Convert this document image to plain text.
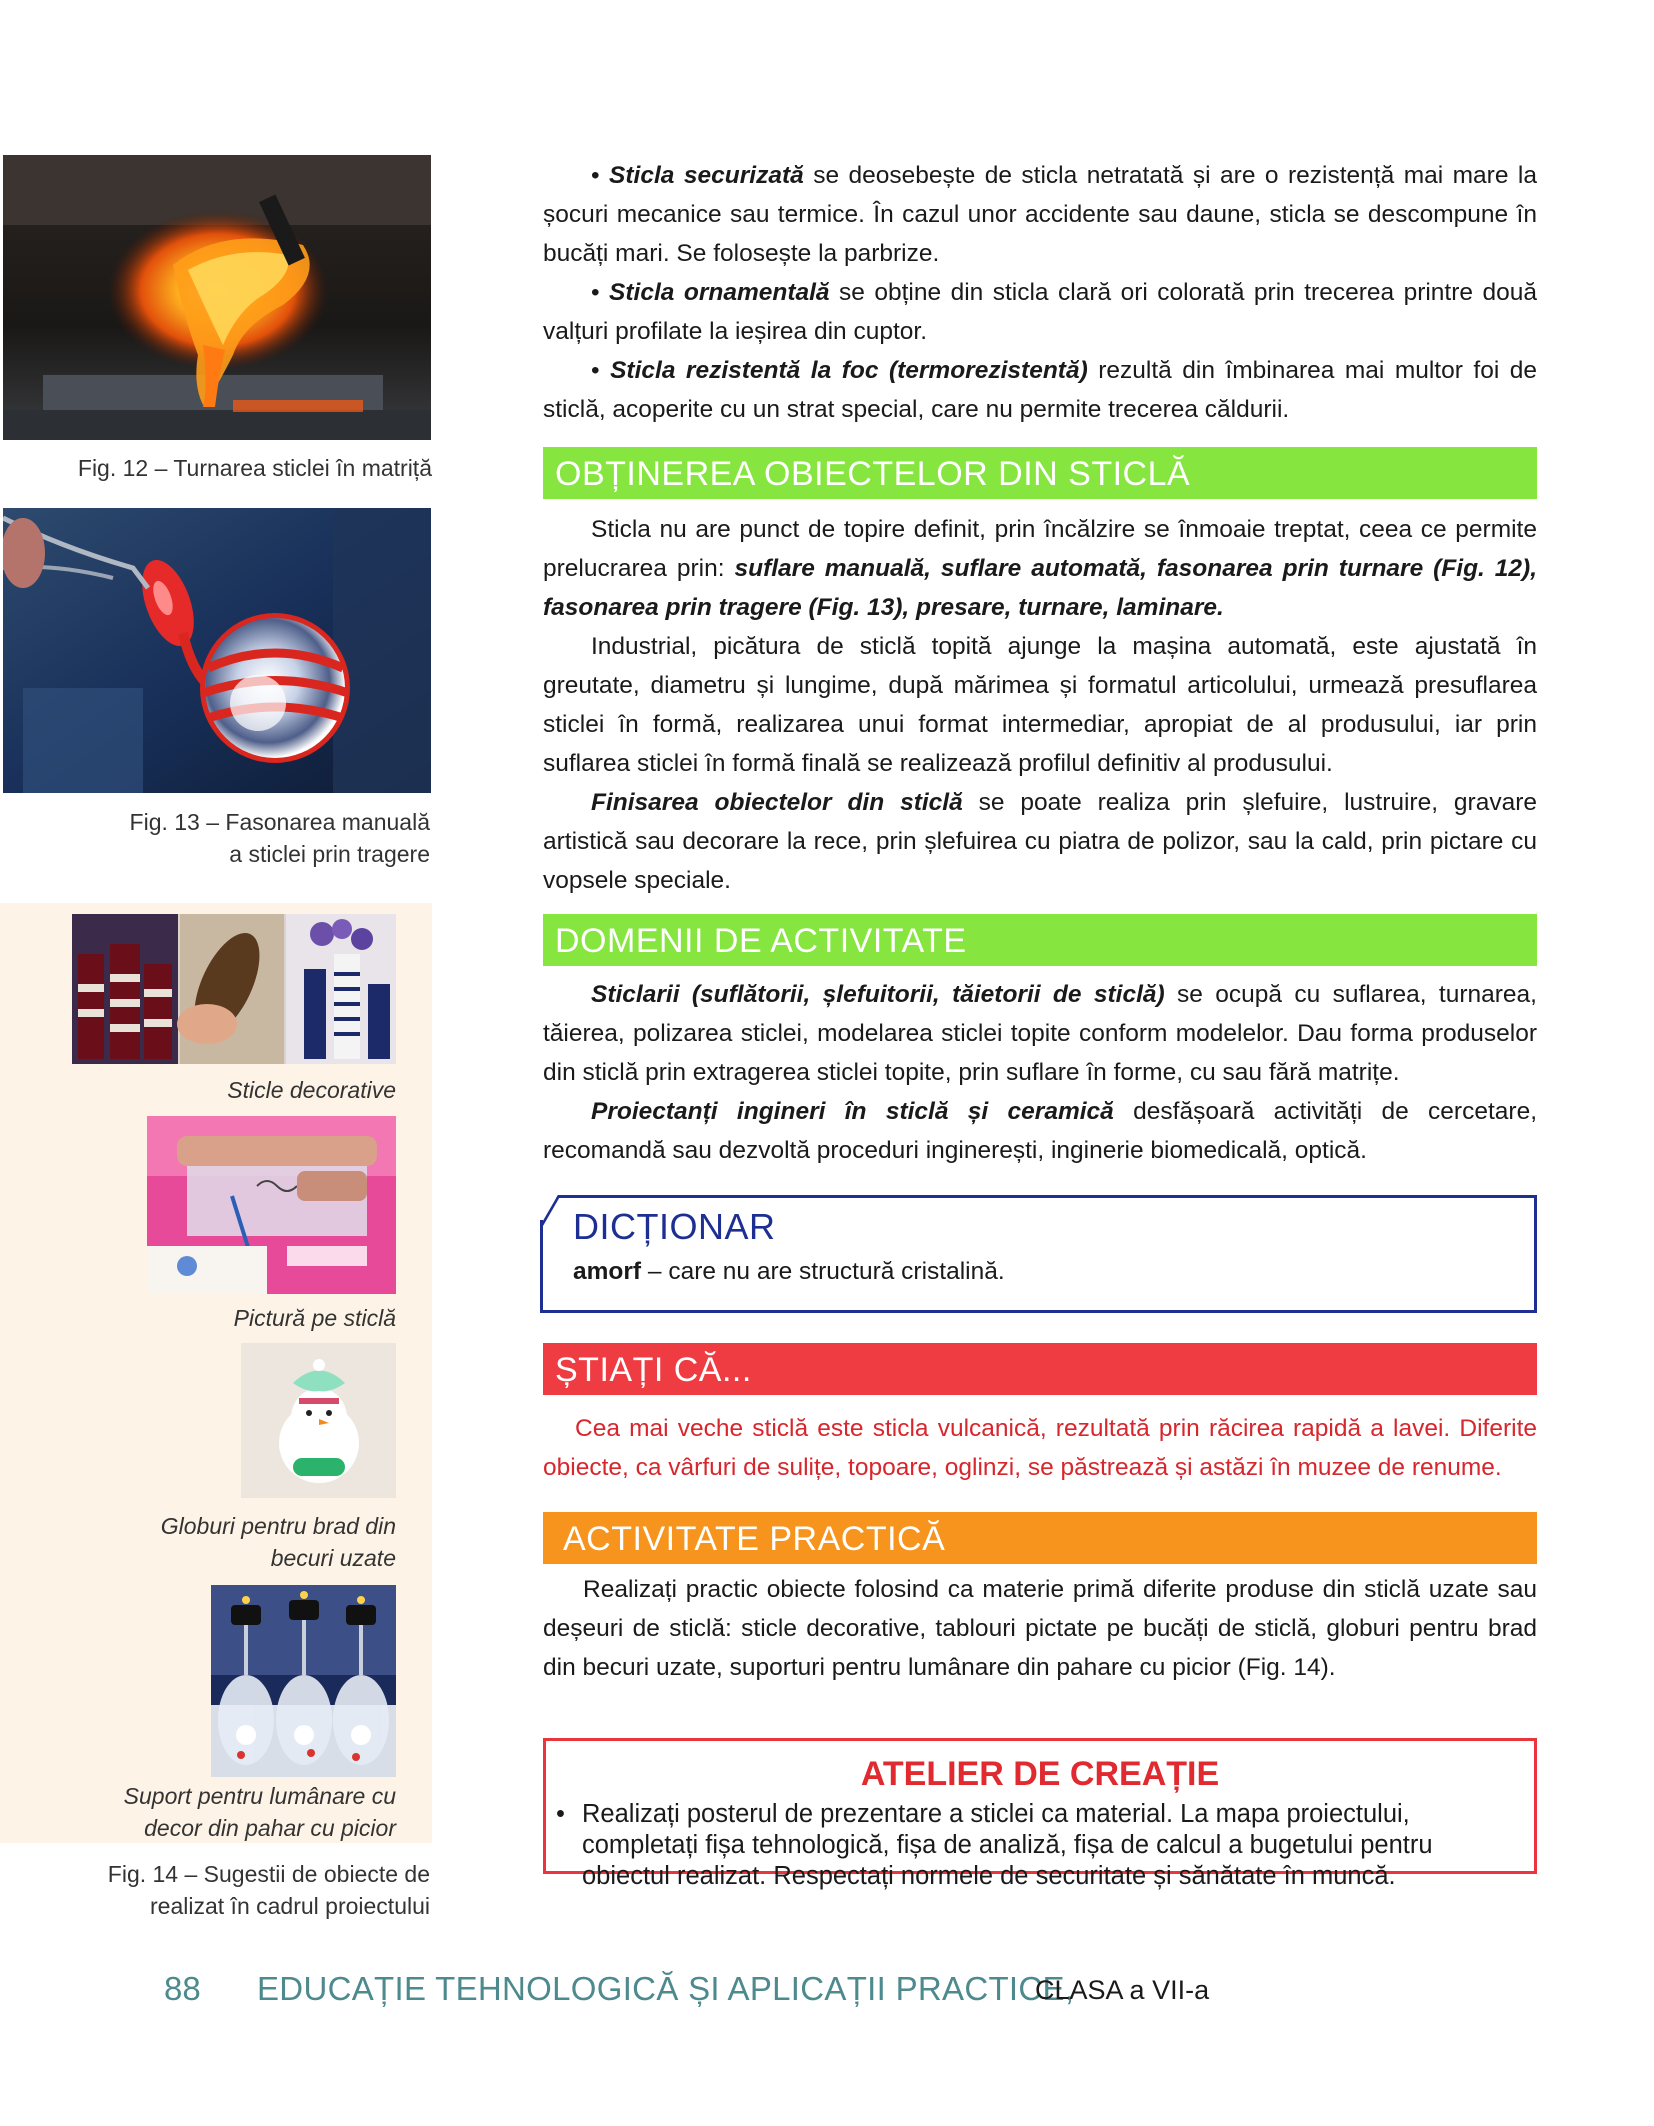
Fig. 12 – Turnarea sticlei în matriță
Fig. 13 – Fasonarea manuală
a sticlei prin tragere
Sticle decorative
Pictură pe sticlă
Globuri pentru brad din
becuri uzate
Suport pentru lumânare cu
decor din pahar cu picior
Fig. 14 – Sugestii de obiecte de
realizat în cadrul proiectului
• Sticla securizată se deosebește de sticla netratată și are o rezistență mai mare la șocuri mecanice sau termice. În cazul unor accidente sau daune, sticla se descompune în bucăți mari. Se folosește la parbrize.
• Sticla ornamentală se obține din sticla clară ori colorată prin trecerea printre două valțuri profilate la ieșirea din cuptor.
• Sticla rezistentă la foc (termorezistentă) rezultă din îmbinarea mai multor foi de sticlă, acoperite cu un strat special, care nu permite trecerea căldurii.
OBȚINEREA OBIECTELOR DIN STICLĂ
Sticla nu are punct de topire definit, prin încălzire se înmoaie treptat, ceea ce permite prelucrarea prin: suflare manuală, suflare automată, fasonarea prin turnare (Fig. 12), fasonarea prin tragere (Fig. 13), presare, turnare, laminare.
Industrial, picătura de sticlă topită ajunge la mașina automată, este ajustată în greutate, diametru și lungime, după mărimea și formatul articolului, urmează presuflarea sticlei în formă, realizarea unui format intermediar, apropiat de al produsului, iar prin suflarea sticlei în formă finală se realizează profilul definitiv al produsului.
Finisarea obiectelor din sticlă se poate realiza prin șlefuire, lustruire, gravare artistică sau decorare la rece, prin șlefuirea cu piatra de polizor, sau la cald, prin pictare cu vopsele speciale.
DOMENII DE ACTIVITATE
Sticlarii (suflătorii, șlefuitorii, tăietorii de sticlă) se ocupă cu suflarea, turnarea, tăierea, polizarea sticlei, modelarea sticlei topite conform modelelor. Dau forma produselor din sticlă prin extragerea sticlei topite, prin suflare în forme, cu sau fără matrițe.
Proiectanți ingineri în sticlă și ceramică desfășoară activități de cercetare, recomandă sau dezvoltă proceduri inginerești, inginerie biomedicală, optică.
DICȚIONAR
amorf – care nu are structură cristalină.
ȘTIAȚI CĂ...
Cea mai veche sticlă este sticla vulcanică, rezultată prin răcirea rapidă a lavei. Diferite obiecte, ca vârfuri de sulițe, topoare, oglinzi, se păstrează și astăzi în muzee de renume.
ACTIVITATE PRACTICĂ
Realizați practic obiecte folosind ca materie primă diferite produse din sticlă uzate sau deșeuri de sticlă: sticle decorative, tablouri pictate pe bucăți de sticlă, globuri pentru brad din becuri uzate, suporturi pentru lumânare din pahare cu picior (Fig. 14).
ATELIER DE CREAȚIE
• Realizați posterul de prezentare a sticlei ca material. La mapa proiectului, completați fișa tehnologică, fișa de analiză, fișa de calcul a bugetului pentru obiectul realizat. Respectați normele de securitate și sănătate în muncă.
88 EDUCAȚIE TEHNOLOGICĂ ȘI APLICAȚII PRACTICE,
CLASA a VII-a
